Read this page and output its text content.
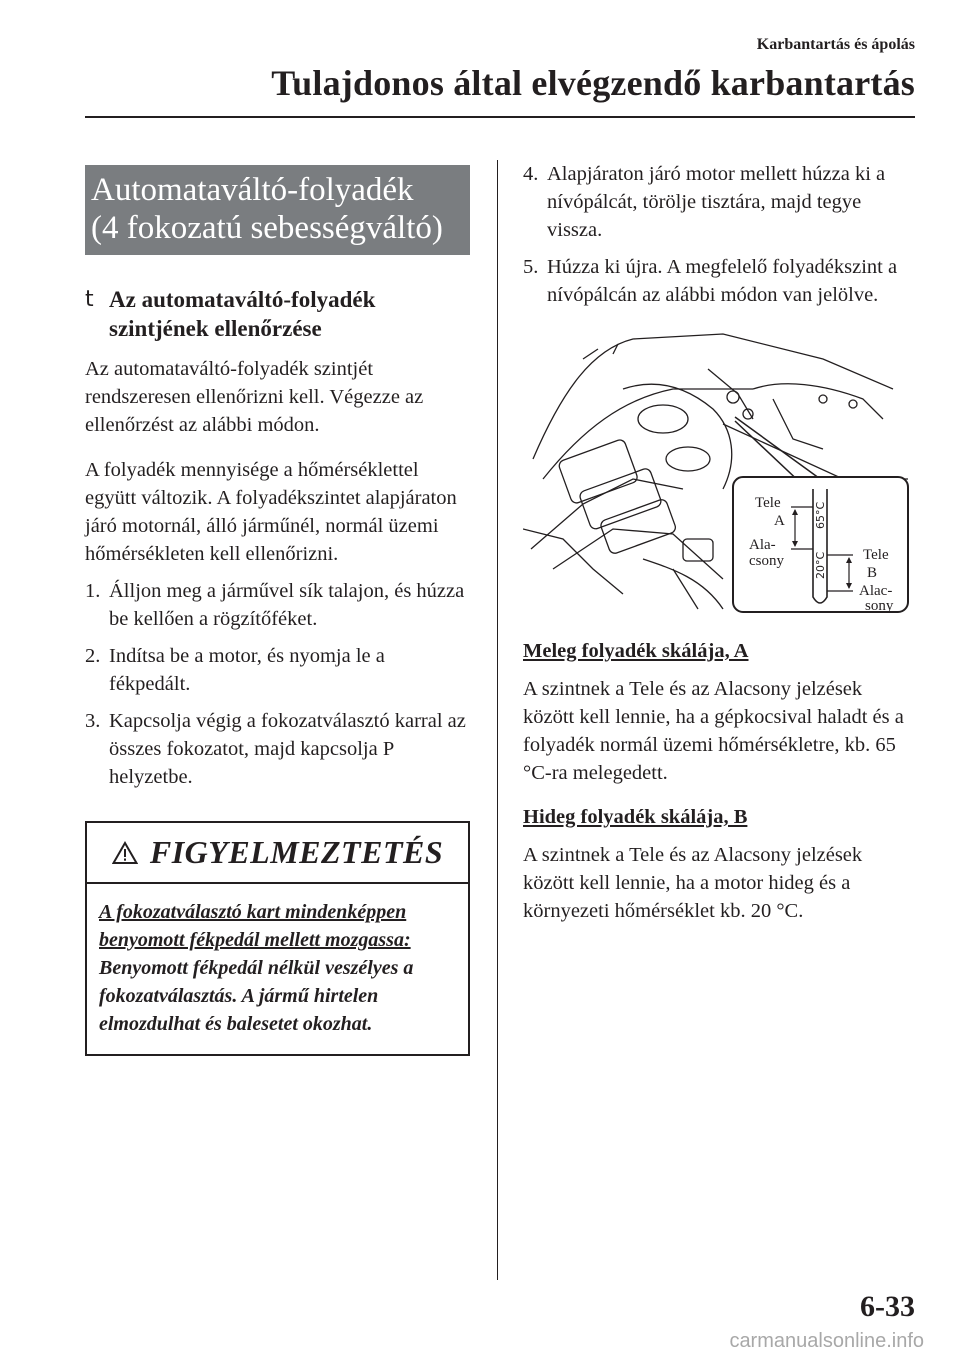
Karbantartás és ápolás
Tulajdonos által elvégzendő karbantartás
Automataváltó-folyadék
(4 fokozatú sebességváltó)
t Az automataváltó-folyadék
szintjének ellenőrzése

Az automataváltó-folyadék szintjét rendszeresen ellenőrizni kell. Végezze az ellenőrzést az alábbi módon.

A folyadék mennyisége a hőmérséklettel együtt változik. A folyadékszintet alapjáraton járó motornál, álló járműnél, normál üzemi hőmérsékleten kell ellenőrizni.

1. Álljon meg a járművel sík talajon, és húzza be kellően a rögzítőféket.
2. Indítsa be a motor, és nyomja le a fékpedált.
3. Kapcsolja végig a fokozatválasztó karral az összes fokozatot, majd kapcsolja P helyzetbe.
FIGYELMEZTETÉS
A fokozatválasztó kart mindenképpen benyomott fékpedál mellett mozgassa: Benyomott fékpedál nélkül veszélyes a fokozatválasztás. A jármű hirtelen elmozdulhat és balesetet okozhat.
4. Alapjáraton járó motor mellett húzza ki a nívópálcát, törölje tisztára, majd tegye vissza.
5. Húzza ki újra. A megfelelő folyadékszint a nívópálcán az alábbi módon van jelölve.
Tele
A
Ala-
csony	Tele
B
Alac-
sony
65°C
20°C
Meleg folyadék skálája, A

A szintnek a Tele és az Alacsony jelzések között kell lennie, ha a gépkocsival haladt és a folyadék normál üzemi hőmérsékletre, kb. 65 °C-ra melegedett.

Hideg folyadék skálája, B

A szintnek a Tele és az Alacsony jelzések között kell lennie, ha a motor hideg és a környezeti hőmérséklet kb. 20 °C.

6-33
carmanualsonline.info
